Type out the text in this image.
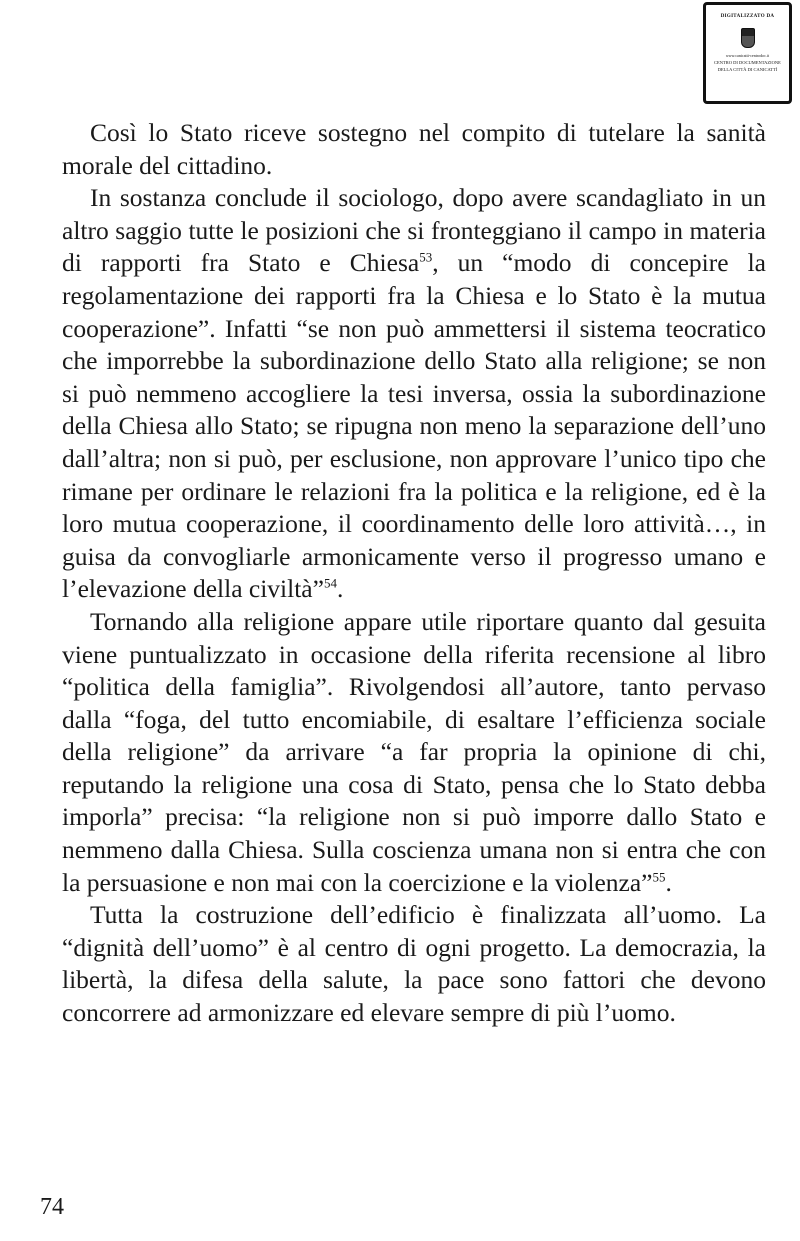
DIGITALIZZATO DA
www.canicatti-centrodoc.it
CENTRO DI DOCUMENTAZIONE
DELLA CITTÀ DI CANICATTÌ

Così lo Stato riceve sostegno nel compito di tutelare la sanità morale del cittadino.

In sostanza conclude il sociologo, dopo avere scandagliato in un altro saggio tutte le posizioni che si fronteggiano il campo in materia di rapporti fra Stato e Chiesa$^{53}$, un “modo di concepire la regolamentazione dei rapporti fra la Chiesa e lo Stato è la mutua cooperazione”. Infatti “se non può ammettersi il sistema teocratico che imporrebbe la subordinazione dello Stato alla religione; se non si può nemmeno accogliere la tesi inversa, ossia la subordinazione della Chiesa allo Stato; se ripugna non meno la separazione dell’uno dall’altra; non si può, per esclusione, non approvare l’unico tipo che rimane per ordinare le relazioni fra la politica e la religione, ed è la loro mutua cooperazione, il coordinamento delle loro attività…, in guisa da convogliarle armonicamente verso il progresso umano e l’elevazione della civiltà”$^{54}$.

Tornando alla religione appare utile riportare quanto dal gesuita viene puntualizzato in occasione della riferita recensione al libro “politica della famiglia”. Rivolgendosi all’autore, tanto pervaso dalla “foga, del tutto encomiabile, di esaltare l’efficienza sociale della religione” da arrivare “a far propria la opinione di chi, reputando la religione una cosa di Stato, pensa che lo Stato debba imporla” precisa: “la religione non si può imporre dallo Stato e nemmeno dalla Chiesa. Sulla coscienza umana non si entra che con la persuasione e non mai con la coercizione e la violenza”$^{55}$.

Tutta la costruzione dell’edificio è finalizzata all’uomo. La “dignità dell’uomo” è al centro di ogni progetto. La democrazia, la libertà, la difesa della salute, la pace sono fattori che devono concorrere ad armonizzare ed elevare sempre di più l’uomo.

74
